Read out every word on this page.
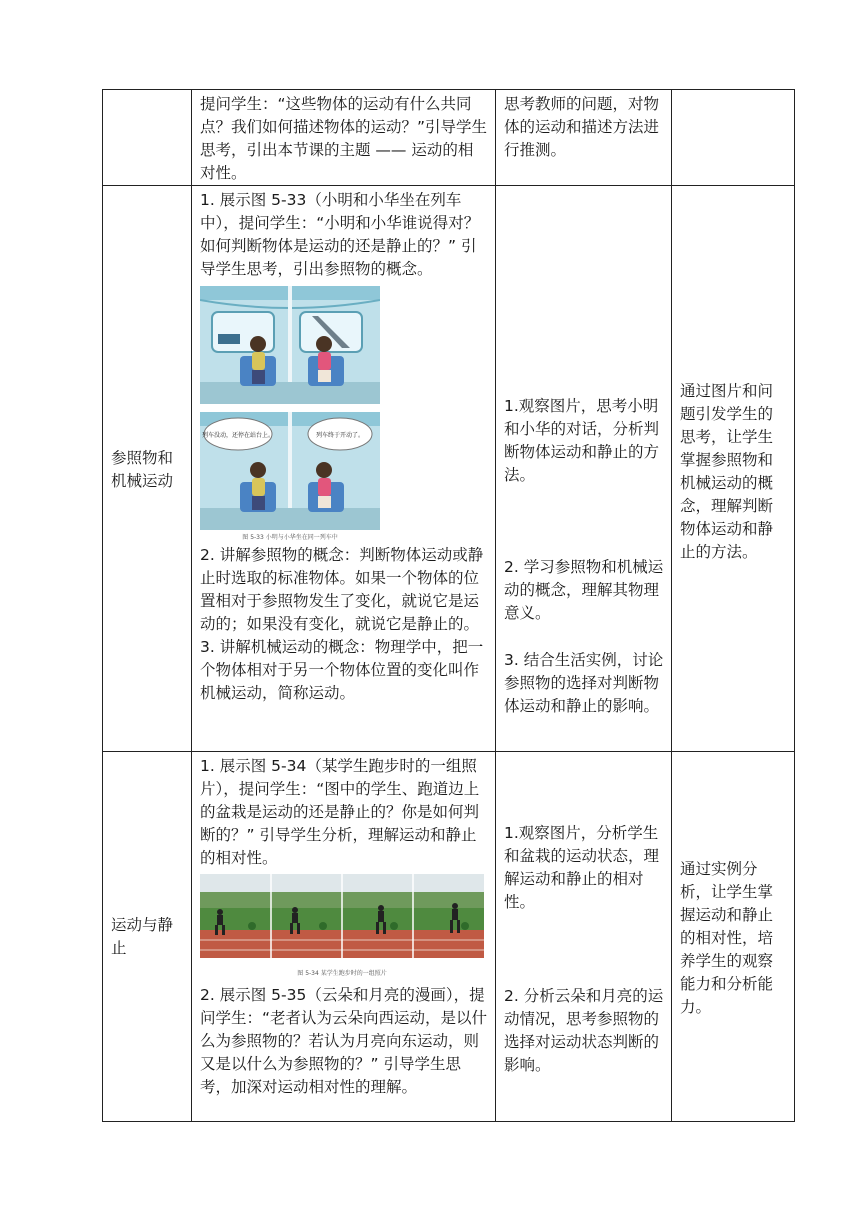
提问学生：“这些物体的运动有什么共同点？我们如何描述物体的运动？”引导学生思考，引出本节课的主题 —— 运动的相对性。

思考教师的问题，对物体的运动和描述方法进行推测。

参照物和机械运动

1. 展示图 5-33（小明和小华坐在列车中），提问学生：“小明和小华谁说得对？如何判断物体是运动的还是静止的？” 引导学生思考，引出参照物的概念。

列车没动，还停在站台上。	列车终于开动了。
图 5-33 小明与小华坐在同一列车中

2. 讲解参照物的概念：判断物体运动或静止时选取的标准物体。如果一个物体的位置相对于参照物发生了变化，就说它是运动的；如果没有变化，就说它是静止的。

3. 讲解机械运动的概念：物理学中，把一个物体相对于另一个物体位置的变化叫作机械运动，简称运动。

1.观察图片，思考小明和小华的对话，分析判断物体运动和静止的方法。

2. 学习参照物和机械运动的概念，理解其物理意义。

3. 结合生活实例，讨论参照物的选择对判断物体运动和静止的影响。

通过图片和问题引发学生的思考，让学生掌握参照物和机械运动的概念，理解判断物体运动和静止的方法。

运动与静止

1. 展示图 5-34（某学生跑步时的一组照片），提问学生：“图中的学生、跑道边上的盆栽是运动的还是静止的？你是如何判断的？” 引导学生分析，理解运动和静止的相对性。

图 5-34 某学生跑步时的一组照片

2. 展示图 5-35（云朵和月亮的漫画），提问学生：“老者认为云朵向西运动，是以什么为参照物的？若认为月亮向东运动，则又是以什么为参照物的？” 引导学生思考，加深对运动相对性的理解。

1.观察图片，分析学生和盆栽的运动状态，理解运动和静止的相对性。

2. 分析云朵和月亮的运动情况，思考参照物的选择对运动状态判断的影响。

通过实例分析，让学生掌握运动和静止的相对性，培养学生的观察能力和分析能力。
